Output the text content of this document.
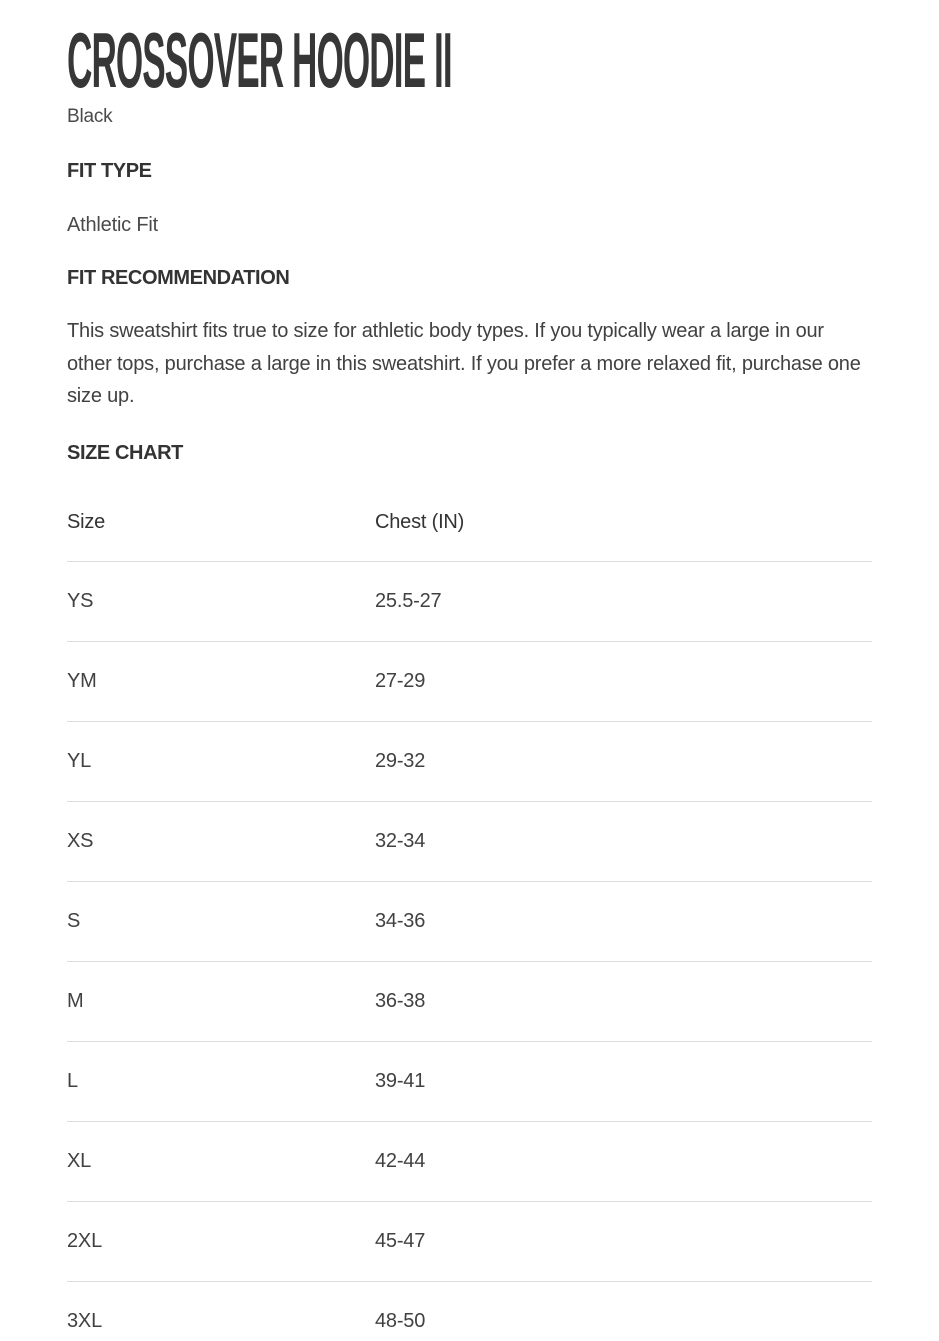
CROSSOVER HOODIE II
Black
FIT TYPE
Athletic Fit
FIT RECOMMENDATION

This sweatshirt fits true to size for athletic body types. If you typically wear a large in our other tops, purchase a large in this sweatshirt. If you prefer a more relaxed fit, purchase one size up.

SIZE CHART
Size	Chest (IN)
YS	25.5-27
YM	27-29
YL	29-32
XS	32-34
S	34-36
M	36-38
L	39-41
XL	42-44
2XL	45-47
3XL	48-50
